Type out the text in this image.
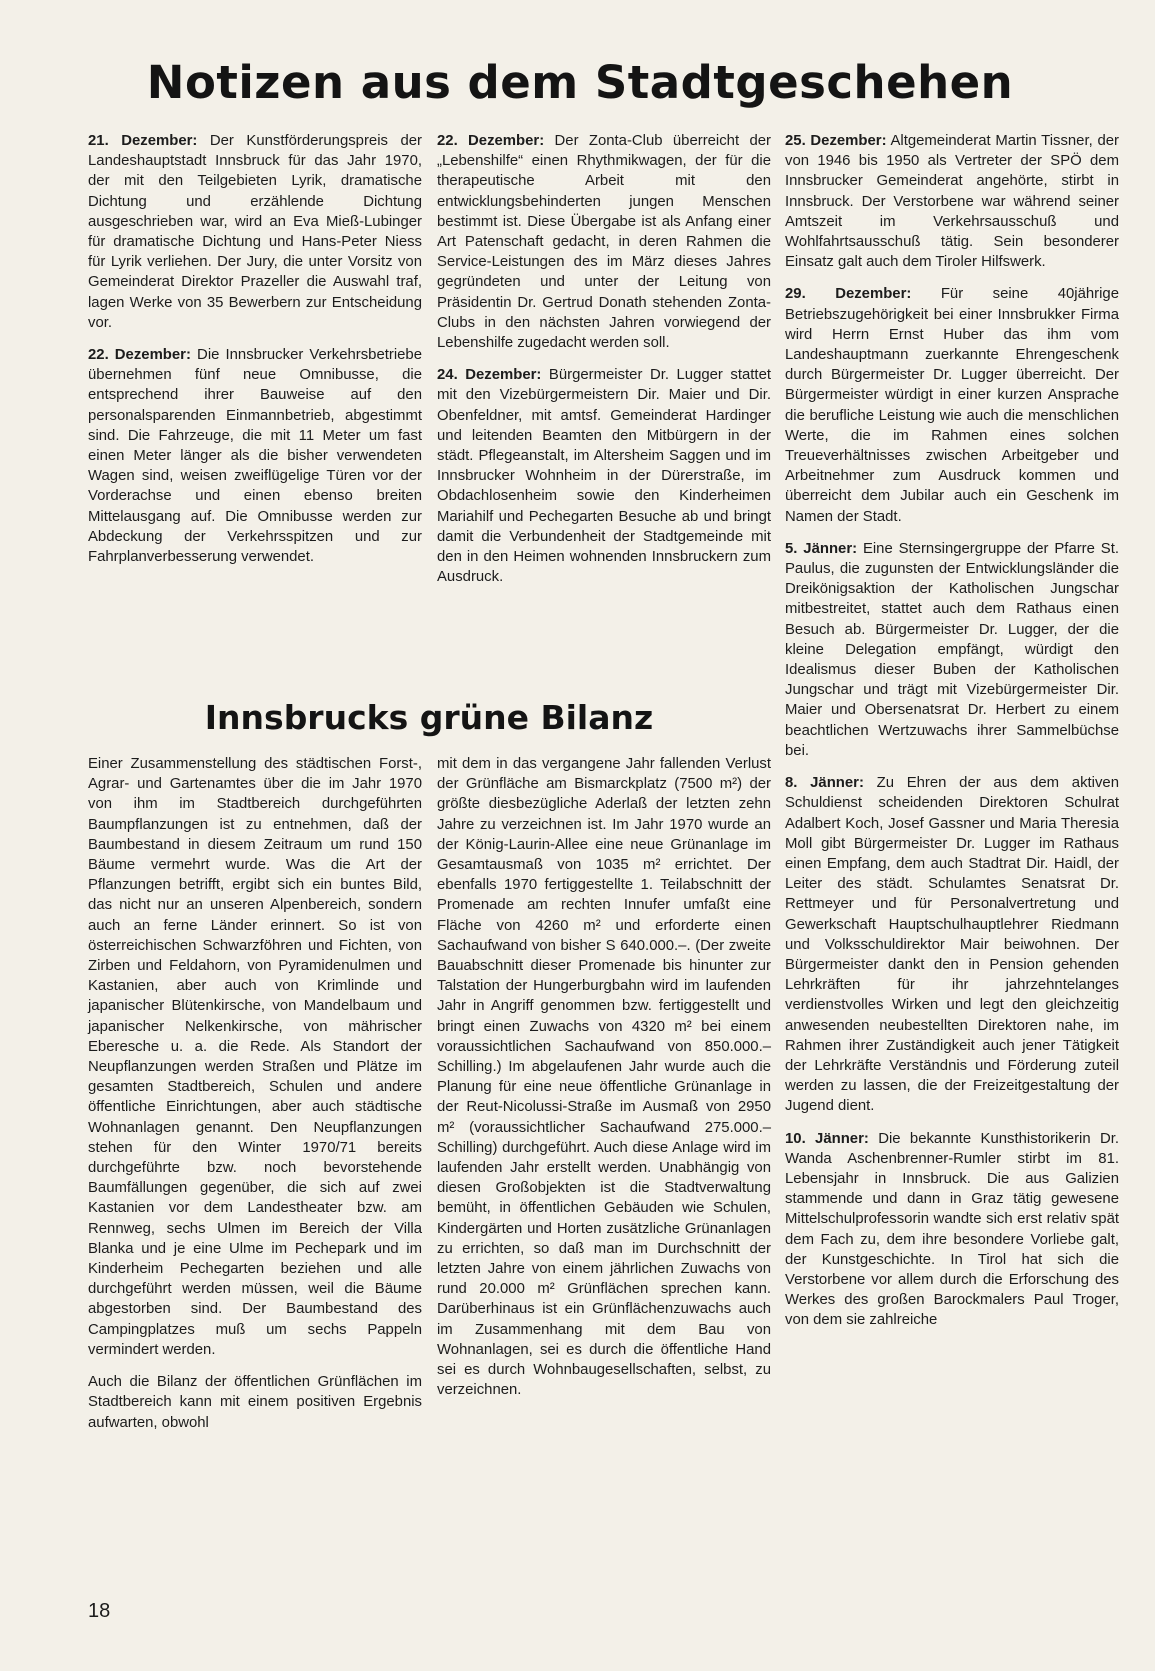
Notizen aus dem Stadtgeschehen

21. Dezember: Der Kunstförderungspreis der Landeshauptstadt Innsbruck für das Jahr 1970, der mit den Teilgebieten Lyrik, dramatische Dichtung und erzählende Dichtung ausgeschrieben war, wird an Eva Mieß-Lubinger für dramatische Dichtung und Hans-Peter Niess für Lyrik verliehen. Der Jury, die unter Vorsitz von Gemeinderat Direktor Prazeller die Auswahl traf, lagen Werke von 35 Bewerbern zur Entscheidung vor.

22. Dezember: Die Innsbrucker Verkehrsbetriebe übernehmen fünf neue Omnibusse, die entsprechend ihrer Bauweise auf den personalsparenden Einmannbetrieb, abgestimmt sind. Die Fahrzeuge, die mit 11 Meter um fast einen Meter länger als die bisher verwendeten Wagen sind, weisen zweiflügelige Türen vor der Vorderachse und einen ebenso breiten Mittelausgang auf. Die Omnibusse werden zur Abdeckung der Verkehrsspitzen und zur Fahrplanverbesserung verwendet.

22. Dezember: Der Zonta-Club überreicht der „Lebenshilfe“ einen Rhythmikwagen, der für die therapeutische Arbeit mit den entwicklungsbehinderten jungen Menschen bestimmt ist. Diese Übergabe ist als Anfang einer Art Patenschaft gedacht, in deren Rahmen die Service-Leistungen des im März dieses Jahres gegründeten und unter der Leitung von Präsidentin Dr. Gertrud Donath stehenden Zonta-Clubs in den nächsten Jahren vorwiegend der Lebenshilfe zugedacht werden soll.

24. Dezember: Bürgermeister Dr. Lugger stattet mit den Vizebürgermeistern Dir. Maier und Dir. Obenfeldner, mit amtsf. Gemeinderat Hardinger und leitenden Beamten den Mitbürgern in der städt. Pflegeanstalt, im Altersheim Saggen und im Innsbrucker Wohnheim in der Dürerstraße, im Obdachlosenheim sowie den Kinderheimen Mariahilf und Pechegarten Besuche ab und bringt damit die Verbundenheit der Stadtgemeinde mit den in den Heimen wohnenden Innsbruckern zum Ausdruck.

25. Dezember: Altgemeinderat Martin Tissner, der von 1946 bis 1950 als Vertreter der SPÖ dem Innsbrucker Gemeinderat angehörte, stirbt in Innsbruck. Der Verstorbene war während seiner Amtszeit im Verkehrsausschuß und Wohlfahrtsausschuß tätig. Sein besonderer Einsatz galt auch dem Tiroler Hilfswerk.

29. Dezember: Für seine 40jährige Betriebszugehörigkeit bei einer Innsbrukker Firma wird Herrn Ernst Huber das ihm vom Landeshauptmann zuerkannte Ehrengeschenk durch Bürgermeister Dr. Lugger überreicht. Der Bürgermeister würdigt in einer kurzen Ansprache die berufliche Leistung wie auch die menschlichen Werte, die im Rahmen eines solchen Treueverhältnisses zwischen Arbeitgeber und Arbeitnehmer zum Ausdruck kommen und überreicht dem Jubilar auch ein Geschenk im Namen der Stadt.

5. Jänner: Eine Sternsingergruppe der Pfarre St. Paulus, die zugunsten der Entwicklungsländer die Dreikönigsaktion der Katholischen Jungschar mitbestreitet, stattet auch dem Rathaus einen Besuch ab. Bürgermeister Dr. Lugger, der die kleine Delegation empfängt, würdigt den Idealismus dieser Buben der Katholischen Jungschar und trägt mit Vizebürgermeister Dir. Maier und Obersenatsrat Dr. Herbert zu einem beachtlichen Wertzuwachs ihrer Sammelbüchse bei.

8. Jänner: Zu Ehren der aus dem aktiven Schuldienst scheidenden Direktoren Schulrat Adalbert Koch, Josef Gassner und Maria Theresia Moll gibt Bürgermeister Dr. Lugger im Rathaus einen Empfang, dem auch Stadtrat Dir. Haidl, der Leiter des städt. Schulamtes Senatsrat Dr. Rettmeyer und für Personalvertretung und Gewerkschaft Hauptschulhauptlehrer Riedmann und Volksschuldirektor Mair beiwohnen. Der Bürgermeister dankt den in Pension gehenden Lehrkräften für ihr jahrzehntelanges verdienstvolles Wirken und legt den gleichzeitig anwesenden neubestellten Direktoren nahe, im Rahmen ihrer Zuständigkeit auch jener Tätigkeit der Lehrkräfte Verständnis und Förderung zuteil werden zu lassen, die der Freizeitgestaltung der Jugend dient.

10. Jänner: Die bekannte Kunsthistorikerin Dr. Wanda Aschenbrenner-Rumler stirbt im 81. Lebensjahr in Innsbruck. Die aus Galizien stammende und dann in Graz tätig gewesene Mittelschulprofessorin wandte sich erst relativ spät dem Fach zu, dem ihre besondere Vorliebe galt, der Kunstgeschichte. In Tirol hat sich die Verstorbene vor allem durch die Erforschung des Werkes des großen Barockmalers Paul Troger, von dem sie zahlreiche

Innsbrucks grüne Bilanz

Einer Zusammenstellung des städtischen Forst-, Agrar- und Gartenamtes über die im Jahr 1970 von ihm im Stadtbereich durchgeführten Baumpflanzungen ist zu entnehmen, daß der Baumbestand in diesem Zeitraum um rund 150 Bäume vermehrt wurde. Was die Art der Pflanzungen betrifft, ergibt sich ein buntes Bild, das nicht nur an unseren Alpenbereich, sondern auch an ferne Länder erinnert. So ist von österreichischen Schwarzföhren und Fichten, von Zirben und Feldahorn, von Pyramidenulmen und Kastanien, aber auch von Krimlinde und japanischer Blütenkirsche, von Mandelbaum und japanischer Nelkenkirsche, von mährischer Eberesche u. a. die Rede. Als Standort der Neupflanzungen werden Straßen und Plätze im gesamten Stadtbereich, Schulen und andere öffentliche Einrichtungen, aber auch städtische Wohnanlagen genannt. Den Neupflanzungen stehen für den Winter 1970/71 bereits durchgeführte bzw. noch bevorstehende Baumfällungen gegenüber, die sich auf zwei Kastanien vor dem Landestheater bzw. am Rennweg, sechs Ulmen im Bereich der Villa Blanka und je eine Ulme im Pechepark und im Kinderheim Pechegarten beziehen und alle durchgeführt werden müssen, weil die Bäume abgestorben sind. Der Baumbestand des Campingplatzes muß um sechs Pappeln vermindert werden.

Auch die Bilanz der öffentlichen Grünflächen im Stadtbereich kann mit einem positiven Ergebnis aufwarten, obwohl

mit dem in das vergangene Jahr fallenden Verlust der Grünfläche am Bismarckplatz (7500 m²) der größte diesbezügliche Aderlaß der letzten zehn Jahre zu verzeichnen ist. Im Jahr 1970 wurde an der König-Laurin-Allee eine neue Grünanlage im Gesamtausmaß von 1035 m² errichtet. Der ebenfalls 1970 fertiggestellte 1. Teilabschnitt der Promenade am rechten Innufer umfaßt eine Fläche von 4260 m² und erforderte einen Sachaufwand von bisher S 640.000.–. (Der zweite Bauabschnitt dieser Promenade bis hinunter zur Talstation der Hungerburgbahn wird im laufenden Jahr in Angriff genommen bzw. fertiggestellt und bringt einen Zuwachs von 4320 m² bei einem voraussichtlichen Sachaufwand von 850.000.– Schilling.) Im abgelaufenen Jahr wurde auch die Planung für eine neue öffentliche Grünanlage in der Reut-Nicolussi-Straße im Ausmaß von 2950 m² (voraussichtlicher Sachaufwand 275.000.– Schilling) durchgeführt. Auch diese Anlage wird im laufenden Jahr erstellt werden. Unabhängig von diesen Großobjekten ist die Stadtverwaltung bemüht, in öffentlichen Gebäuden wie Schulen, Kindergärten und Horten zusätzliche Grünanlagen zu errichten, so daß man im Durchschnitt der letzten Jahre von einem jährlichen Zuwachs von rund 20.000 m² Grünflächen sprechen kann. Darüberhinaus ist ein Grünflächenzuwachs auch im Zusammenhang mit dem Bau von Wohnanlagen, sei es durch die öffentliche Hand sei es durch Wohnbaugesellschaften, selbst, zu verzeichnen.

18
